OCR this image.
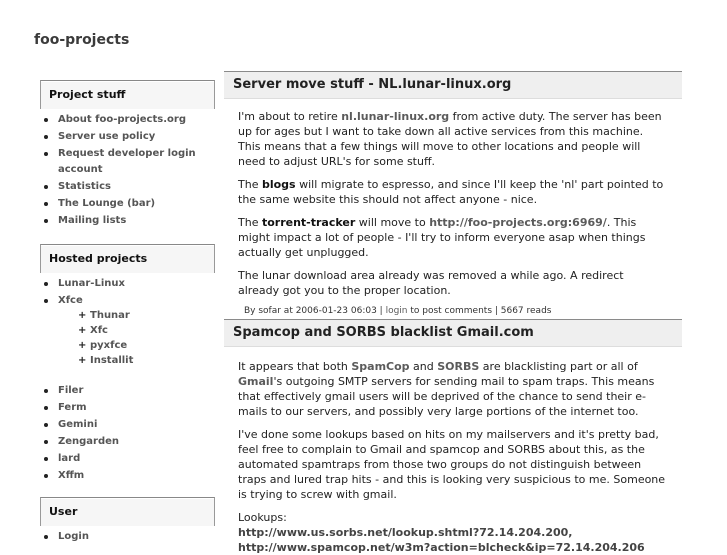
foo-projects
Project stuff
About foo-projects.org
Server use policy
Request developer login account
Statistics
The Lounge (bar)
Mailing lists
Hosted projects
Lunar-Linux
Xfce
+ Thunar
+ Xfc
+ pyxfce
+ Installit
Filer
Ferm
Gemini
Zengarden
lard
Xffm
User
Login
Server move stuff - NL.lunar-linux.org

I'm about to retire nl.lunar-linux.org from active duty. The server has been up for ages but I want to take down all active services from this machine. This means that a few things will move to other locations and people will need to adjust URL's for some stuff.

The blogs will migrate to espresso, and since I'll keep the 'nl' part pointed to the same website this should not affect anyone - nice.

The torrent-tracker will move to http://foo-projects.org:6969/. This might impact a lot of people - I'll try to inform everyone asap when things actually get unplugged.

The lunar download area already was removed a while ago. A redirect already got you to the proper location.

By sofar at 2006-01-23 06:03 | login to post comments | 5667 reads
Spamcop and SORBS blacklist Gmail.com

It appears that both SpamCop and SORBS are blacklisting part or all of Gmail's outgoing SMTP servers for sending mail to spam traps. This means that effectively gmail users will be deprived of the chance to send their e-mails to our servers, and possibly very large portions of the internet too.

I've done some lookups based on hits on my mailservers and it's pretty bad, feel free to complain to Gmail and spamcop and SORBS about this, as the automated spamtraps from those two groups do not distinguish between traps and lured trap hits - and this is looking very suspicious to me. Someone is trying to screw with gmail.

Lookups:
http://www.us.sorbs.net/lookup.shtml?72.14.204.200,
http://www.spamcop.net/w3m?action=blcheck&ip=72.14.204.206
